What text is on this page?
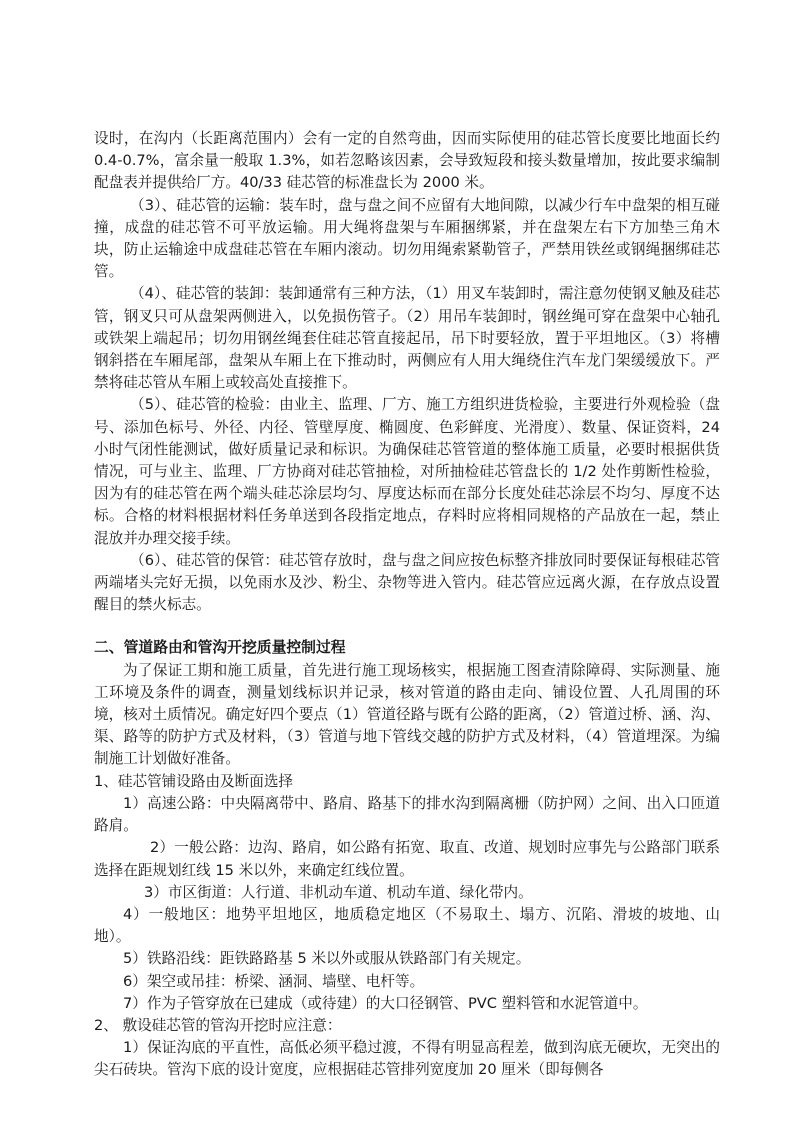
设时，在沟内（长距离范围内）会有一定的自然弯曲，因而实际使用的硅芯管长度要比地面长约 0.4-0.7%，富余量一般取 1.3%，如若忽略该因素，会导致短段和接头数量增加，按此要求编制配盘表并提供给厂方。40/33 硅芯管的标准盘长为 2000 米。

（3）、硅芯管的运输：装车时，盘与盘之间不应留有大地间隙，以减少行车中盘架的相互碰撞，成盘的硅芯管不可平放运输。用大绳将盘架与车厢捆绑紧，并在盘架左右下方加垫三角木块，防止运输途中成盘硅芯管在车厢内滚动。切勿用绳索紧勒管子，严禁用铁丝或钢绳捆绑硅芯管。

（4）、硅芯管的装卸：装卸通常有三种方法，（1）用叉车装卸时，需注意勿使钢叉触及硅芯管，钢叉只可从盘架两侧进入，以免损伤管子。（2）用吊车装卸时，钢丝绳可穿在盘架中心轴孔或铁架上端起吊；切勿用钢丝绳套住硅芯管直接起吊，吊下时要轻放，置于平坦地区。（3）将槽钢斜搭在车厢尾部，盘架从车厢上在下推动时，两侧应有人用大绳绕住汽车龙门架缓缓放下。严禁将硅芯管从车厢上或较高处直接推下。

（5）、硅芯管的检验：由业主、监理、厂方、施工方组织进货检验，主要进行外观检验（盘号、添加色标号、外径、内径、管壁厚度、椭圆度、色彩鲜度、光滑度）、数量、保证资料，24 小时气闭性能测试，做好质量记录和标识。为确保硅芯管管道的整体施工质量，必要时根据供货情况，可与业主、监理、厂方协商对硅芯管抽检，对所抽检硅芯管盘长的 1/2 处作剪断性检验，因为有的硅芯管在两个端头硅芯涂层均匀、厚度达标而在部分长度处硅芯涂层不均匀、厚度不达标。合格的材料根据材料任务单送到各段指定地点，存料时应将相同规格的产品放在一起，禁止混放并办理交接手续。

（6）、硅芯管的保管：硅芯管存放时，盘与盘之间应按色标整齐排放同时要保证每根硅芯管两端堵头完好无损，以免雨水及沙、粉尘、杂物等进入管内。硅芯管应远离火源，在存放点设置醒目的禁火标志。

二、管道路由和管沟开挖质量控制过程

为了保证工期和施工质量，首先进行施工现场核实，根据施工图查清除障碍、实际测量、施工环境及条件的调查，测量划线标识并记录，核对管道的路由走向、铺设位置、人孔周围的环境，核对土质情况。确定好四个要点（1）管道径路与既有公路的距离，（2）管道过桥、涵、沟、渠、路等的防护方式及材料，（3）管道与地下管线交越的防护方式及材料，（4）管道埋深。为编制施工计划做好准备。

1、硅芯管铺设路由及断面选择

1）高速公路：中央隔离带中、路肩、路基下的排水沟到隔离栅（防护网）之间、出入口匝道路肩。

2）一般公路：边沟、路肩，如公路有拓宽、取直、改道、规划时应事先与公路部门联系选择在距规划红线 15 米以外，来确定红线位置。

3）市区街道：人行道、非机动车道、机动车道、绿化带内。

4）一般地区：地势平坦地区，地质稳定地区（不易取土、塌方、沉陷、滑坡的坡地、山地）。

5）铁路沿线：距铁路路基 5 米以外或服从铁路部门有关规定。

6）架空或吊挂：桥梁、涵洞、墙壁、电杆等。

7）作为子管穿放在已建成（或待建）的大口径钢管、PVC 塑料管和水泥管道中。

2、 敷设硅芯管的管沟开挖时应注意：

1）保证沟底的平直性，高低必须平稳过渡，不得有明显高程差，做到沟底无硬坎，无突出的尖石砖块。管沟下底的设计宽度，应根据硅芯管排列宽度加 20 厘米（即每侧各
